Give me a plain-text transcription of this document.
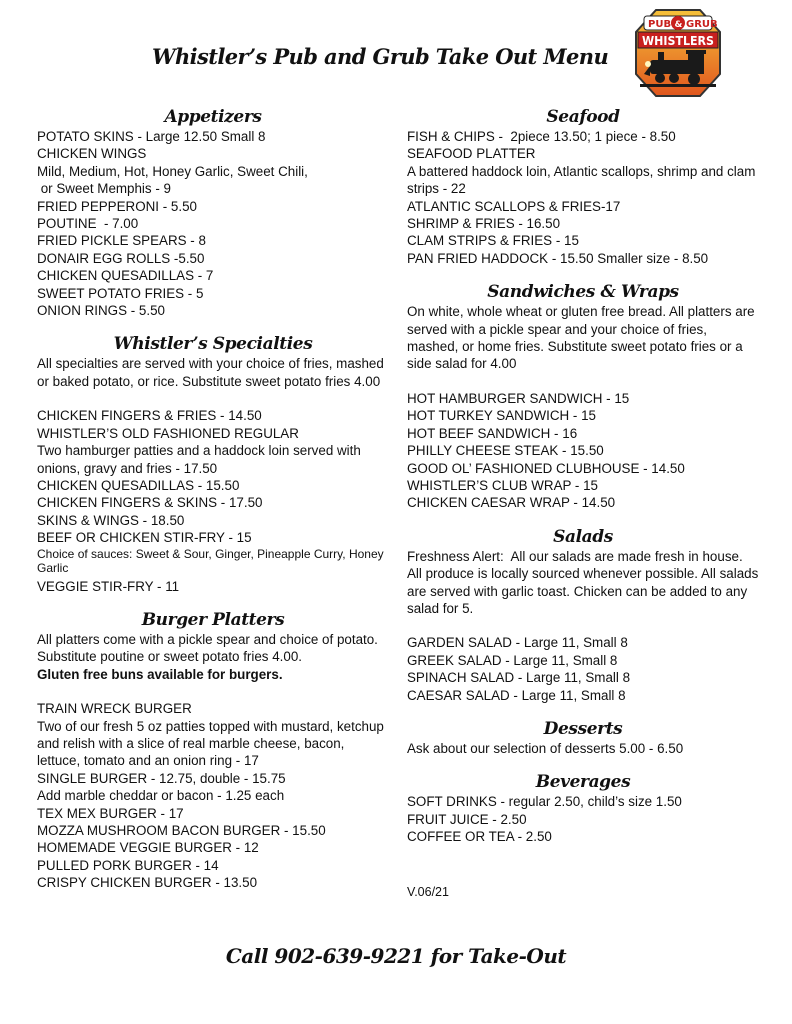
Whistler’s Pub and Grub Take Out Menu
PUB & GRUB
WHISTLERS
Appetizers
POTATO SKINS - Large 12.50 Small 8
CHICKEN WINGS
Mild, Medium, Hot, Honey Garlic, Sweet Chili,
or Sweet Memphis - 9
FRIED PEPPERONI - 5.50
POUTINE  - 7.00
FRIED PICKLE SPEARS - 8
DONAIR EGG ROLLS -5.50
CHICKEN QUESADILLAS - 7
SWEET POTATO FRIES - 5
ONION RINGS - 5.50
Whistler’s Specialties
All specialties are served with your choice of fries, mashed or baked potato, or rice. Substitute sweet potato fries 4.00
CHICKEN FINGERS & FRIES - 14.50
WHISTLER’S OLD FASHIONED REGULAR
Two hamburger patties and a haddock loin served with onions, gravy and fries - 17.50
CHICKEN QUESADILLAS - 15.50
CHICKEN FINGERS & SKINS - 17.50
SKINS & WINGS - 18.50
BEEF OR CHICKEN STIR-FRY - 15
Choice of sauces: Sweet & Sour, Ginger, Pineapple Curry, Honey Garlic
VEGGIE STIR-FRY - 11
Burger Platters
All platters come with a pickle spear and choice of potato. Substitute poutine or sweet potato fries 4.00.
Gluten free buns available for burgers.
TRAIN WRECK BURGER
Two of our fresh 5 oz patties topped with mustard, ketchup and relish with a slice of real marble cheese, bacon, lettuce, tomato and an onion ring - 17
SINGLE BURGER - 12.75, double - 15.75
Add marble cheddar or bacon - 1.25 each
TEX MEX BURGER - 17
MOZZA MUSHROOM BACON BURGER - 15.50
HOMEMADE VEGGIE BURGER - 12
PULLED PORK BURGER - 14
CRISPY CHICKEN BURGER - 13.50
Seafood
FISH & CHIPS -  2piece 13.50; 1 piece - 8.50
SEAFOOD PLATTER
A battered haddock loin, Atlantic scallops, shrimp and clam strips - 22
ATLANTIC SCALLOPS & FRIES-17
SHRIMP & FRIES - 16.50
CLAM STRIPS & FRIES - 15
PAN FRIED HADDOCK - 15.50 Smaller size - 8.50
Sandwiches & Wraps
On white, whole wheat or gluten free bread. All platters are served with a pickle spear and your choice of fries, mashed, or home fries. Substitute sweet potato fries or a side salad for 4.00
HOT HAMBURGER SANDWICH - 15
HOT TURKEY SANDWICH - 15
HOT BEEF SANDWICH - 16
PHILLY CHEESE STEAK - 15.50
GOOD OL’ FASHIONED CLUBHOUSE - 14.50
WHISTLER’S CLUB WRAP - 15
CHICKEN CAESAR WRAP - 14.50
Salads
Freshness Alert:  All our salads are made fresh in house. All produce is locally sourced whenever possible. All salads are served with garlic toast. Chicken can be added to any salad for 5.
GARDEN SALAD - Large 11, Small 8
GREEK SALAD - Large 11, Small 8
SPINACH SALAD - Large 11, Small 8
CAESAR SALAD - Large 11, Small 8
Desserts
Ask about our selection of desserts 5.00 - 6.50
Beverages
SOFT DRINKS - regular 2.50, child’s size 1.50
FRUIT JUICE - 2.50
COFFEE OR TEA - 2.50
V.06/21
Call 902-639-9221 for Take-Out
